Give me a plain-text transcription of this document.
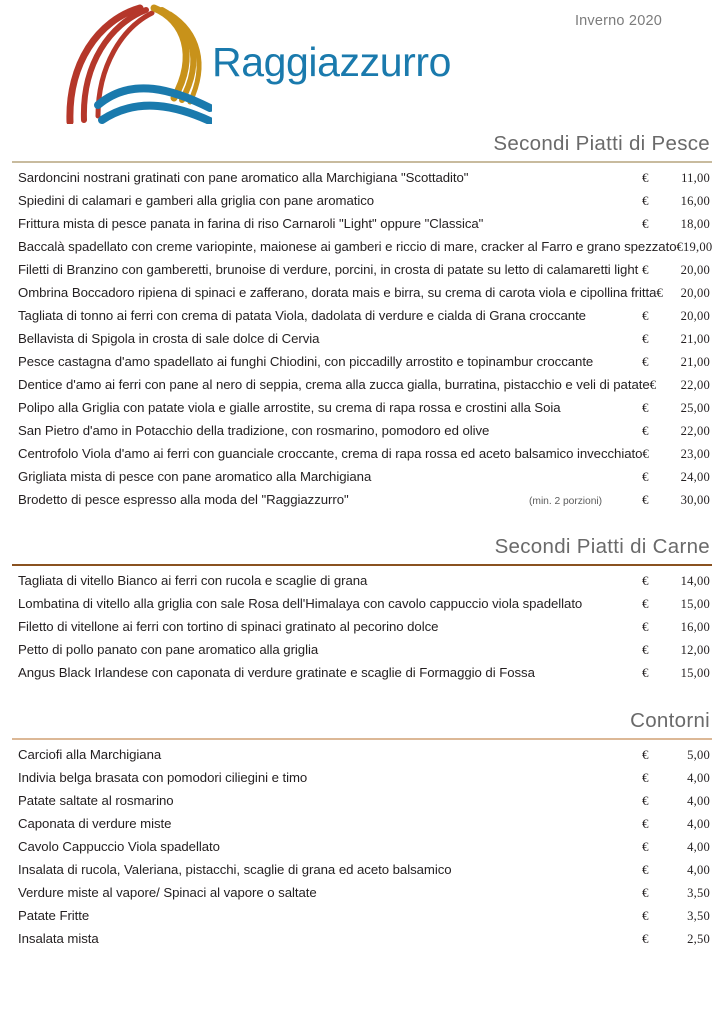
Inverno 2020
Raggiazzurro
Secondi Piatti di Pesce
Sardoncini nostrani gratinati con pane aromatico alla Marchigiana "Scottadito"	€	11,00
Spiedini di calamari e gamberi alla griglia con pane aromatico	€	16,00
Frittura mista di pesce panata in farina di riso Carnaroli "Light" oppure "Classica"	€	18,00
Baccalà spadellato con creme variopinte, maionese ai gamberi e riccio di mare, cracker al Farro e grano spezzato € 19,00
Filetti di Branzino con gamberetti, brunoise di verdure, porcini, in crosta di patate su letto di calamaretti light €	20,00
Ombrina Boccadoro ripiena di spinaci e zafferano, dorata mais e birra, su crema di carota viola e cipollina fritta €	20,00
Tagliata di tonno ai ferri con crema di patata Viola, dadolata di verdure e cialda di Grana croccante	€	20,00
Bellavista di Spigola in crosta di sale dolce di Cervia	€	21,00
Pesce castagna d'amo spadellato ai funghi Chiodini, con piccadilly arrostito e topinambur croccante	€	21,00
Dentice d'amo ai ferri con pane al nero di seppia, crema alla zucca gialla, burratina, pistacchio e veli di patate €	22,00
Polipo alla Griglia con patate viola e gialle arrostite, su crema di rapa rossa e crostini alla Soia	€	25,00
San Pietro d'amo in Potacchio della tradizione, con rosmarino, pomodoro ed olive	€	22,00
Centrofolo Viola d'amo ai ferri con guanciale croccante, crema di rapa rossa ed aceto balsamico invecchiato €	23,00
Grigliata mista di pesce con pane aromatico alla Marchigiana	€	24,00
Brodetto di pesce espresso alla moda del "Raggiazzurro"	(min. 2 porzioni)	€	30,00
Secondi Piatti di Carne
Tagliata di vitello Bianco ai ferri con rucola e scaglie di grana	€	14,00
Lombatina di vitello alla griglia con sale Rosa dell'Himalaya con cavolo cappuccio viola spadellato	€	15,00
Filetto di vitellone ai ferri con tortino di spinaci gratinato al pecorino dolce	€	16,00
Petto di pollo panato con pane aromatico alla griglia	€	12,00
Angus Black Irlandese con caponata di verdure gratinate e scaglie di Formaggio di Fossa	€	15,00
Contorni
Carciofi alla Marchigiana	€	5,00
Indivia belga brasata con pomodori ciliegini e timo	€	4,00
Patate saltate al rosmarino	€	4,00
Caponata di verdure miste	€	4,00
Cavolo Cappuccio Viola spadellato	€	4,00
Insalata di rucola, Valeriana, pistacchi, scaglie di grana ed aceto balsamico	€	4,00
Verdure miste al vapore/ Spinaci al vapore o saltate	€	3,50
Patate Fritte	€	3,50
Insalata mista	€	2,50
